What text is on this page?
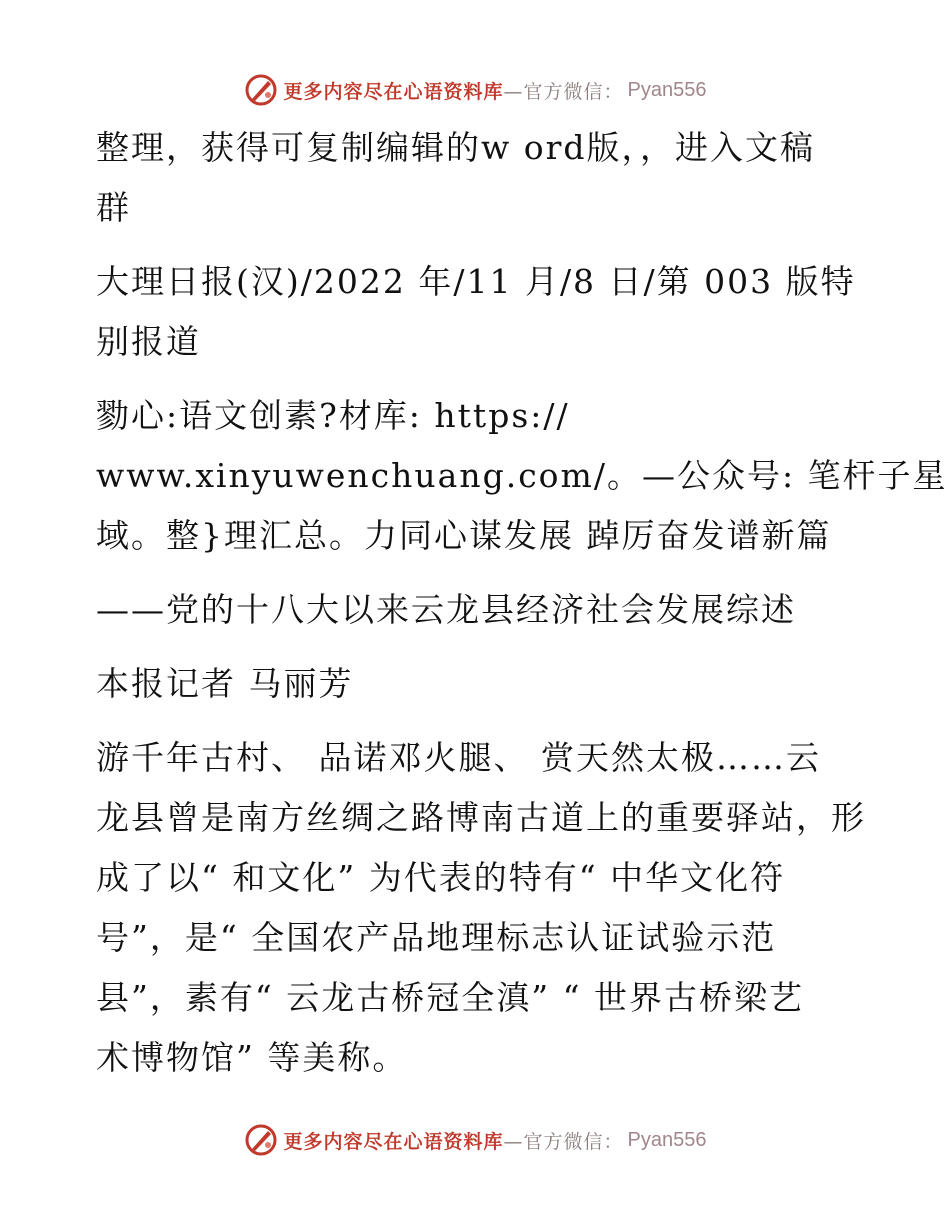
更多内容尽在心语资料库 —官方微信： Pyan556
整理，获得可复制编辑的w ord版，，进入文稿
群
大理日报(汉)/2022 年/11 月/8 日/第 003 版特
别报道
勠心:语文创素?材库: https://
www.xinyuwenchuang.com/。—公众号: 笔杆子星
域。整}理汇总。力同心谋发展 踔厉奋发谱新篇
——党的十八大以来云龙县经济社会发展综述
本报记者 马丽芳
游千年古村、 品诺邓火腿、 赏天然太极……云
龙县曾是南方丝绸之路博南古道上的重要驿站，形
成了以“ 和文化” 为代表的特有“ 中华文化符
号”，是“ 全国农产品地理标志认证试验示范
县”，素有“ 云龙古桥冠全滇” “ 世界古桥梁艺
术博物馆” 等美称。
更多内容尽在心语资料库 —官方微信： Pyan556
